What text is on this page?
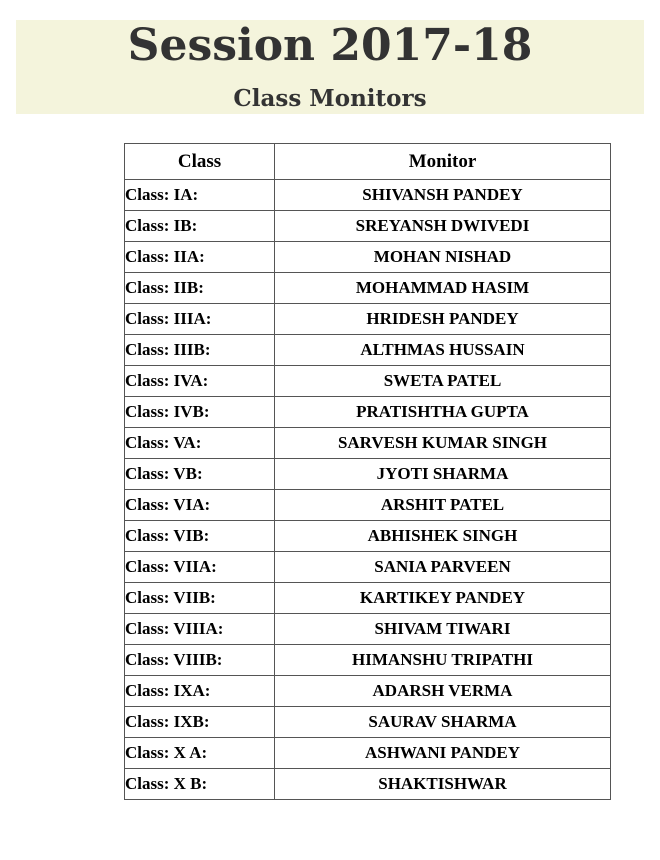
Session 2017-18
Class Monitors
Class	Monitor
Class: IA:	SHIVANSH PANDEY
Class: IB:	SREYANSH DWIVEDI
Class: IIA:	MOHAN NISHAD
Class: IIB:	MOHAMMAD HASIM
Class: IIIA:	HRIDESH PANDEY
Class: IIIB:	ALTHMAS HUSSAIN
Class: IVA:	SWETA PATEL
Class: IVB:	PRATISHTHA GUPTA
Class: VA:	SARVESH KUMAR SINGH
Class: VB:	JYOTI SHARMA
Class: VIA:	ARSHIT PATEL
Class: VIB:	ABHISHEK SINGH
Class: VIIA:	SANIA PARVEEN
Class: VIIB:	KARTIKEY PANDEY
Class: VIIIA:	SHIVAM TIWARI
Class: VIIIB:	HIMANSHU TRIPATHI
Class: IXA:	ADARSH VERMA
Class: IXB:	SAURAV SHARMA
Class: X A:	ASHWANI PANDEY
Class: X B:	SHAKTISHWAR
